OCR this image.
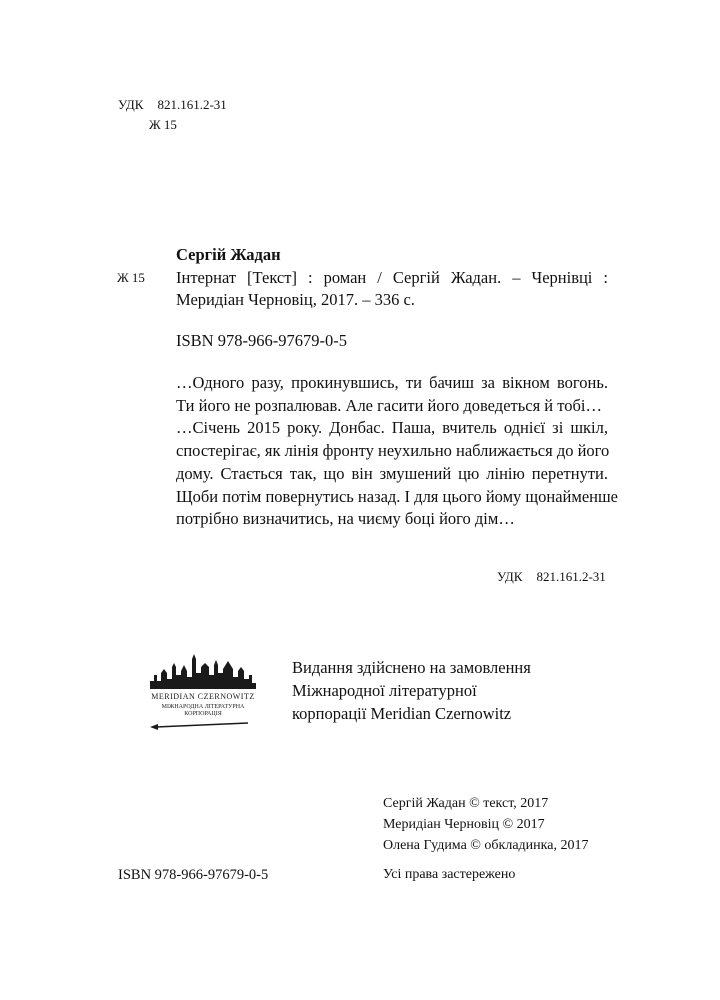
УДК 821.161.2-31
Ж 15
Сергій Жадан
Ж 15 Інтернат [Текст] : роман / Сергій Жадан. – Чернівці :
Меридіан Черновіц, 2017. – 336 с.
ISBN 978-966-97679-0-5
…Одного разу, прокинувшись, ти бачиш за вікном вогонь.
Ти його не розпалював. Але гасити його доведеться й тобі…
…Січень 2015 року. Донбас. Паша, вчитель однієї зі шкіл,
спостерігає, як лінія фронту неухильно наближається до його
дому. Стається так, що він змушений цю лінію перетнути.
Щоби потім повернутись назад. І для цього йому щонайменше
потрібно визначитись, на чиєму боці його дім…
УДК 821.161.2-31
MERIDIAN CZERNOWITZ
МІЖНАРОДНА ЛІТЕРАТУРНА
КОРПОРАЦІЯ
Видання здійснено на замовлення
Міжнародної літературної
корпорації Meridian Czernowitz
Сергій Жадан © текст, 2017
Меридіан Черновіц © 2017
Олена Гудима © обкладинка, 2017
ISBN 978-966-97679-0-5	Усі права застережено
